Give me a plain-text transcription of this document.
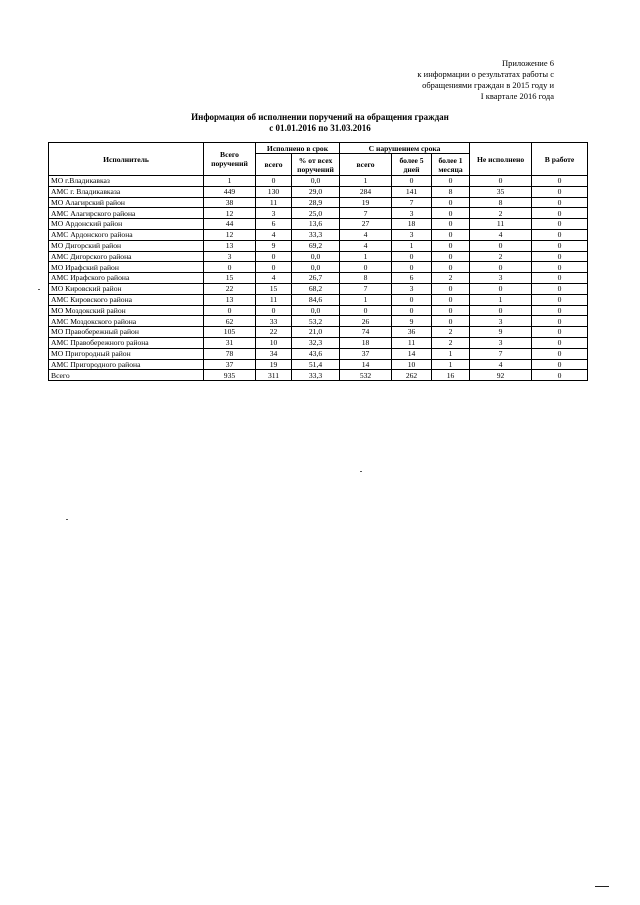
Приложение 6
к информации о результатах работы с
обращениями граждан в 2015 году и
I квартале 2016 года
Информация об исполнении поручений на обращения граждан
с 01.01.2016 по 31.03.2016
Исполнитель	Всего поручений	Исполнено в срок		С нарушением срока			Не исполнено	В работе
		всего	% от всех поручений	всего	более 5 дней	более 1 месяца		
МО г.Владикавказ	1	0	0,0	1	0	0	0	0
АМС г. Владикавказа	449	130	29,0	284	141	8	35	0
МО Алагирский район	38	11	28,9	19	7	0	8	0
АМС Алагирского района	12	3	25,0	7	3	0	2	0
МО Ардонский район	44	6	13,6	27	18	0	11	0
АМС Ардонского района	12	4	33,3	4	3	0	4	0
МО Дигорский район	13	9	69,2	4	1	0	0	0
АМС Дигорского района	3	0	0,0	1	0	0	2	0
МО Ирафский район	0	0	0,0	0	0	0	0	0
АМС Ирафского района	15	4	26,7	8	6	2	3	0
МО Кировский район	22	15	68,2	7	3	0	0	0
АМС Кировского района	13	11	84,6	1	0	0	1	0
МО Моздокский район	0	0	0,0	0	0	0	0	0
АМС Моздокского района	62	33	53,2	26	9	0	3	0
МО Правобережный район	105	22	21,0	74	36	2	9	0
АМС Правобережного района	31	10	32,3	18	11	2	3	0
МО Пригородный район	78	34	43,6	37	14	1	7	0
АМС Пригородного района	37	19	51,4	14	10	1	4	0
Всего	935	311	33,3	532	262	16	92	0
